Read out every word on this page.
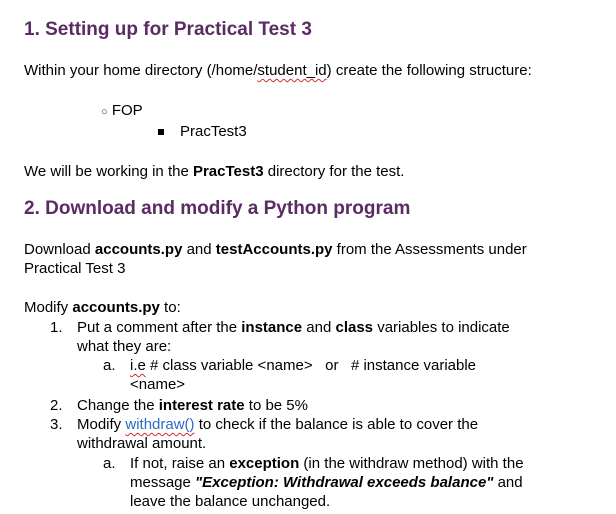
1. Setting up for Practical Test 3
Within your home directory (/home/student_id) create the following structure:
○ FOP
PracTest3
We will be working in the PracTest3 directory for the test.
2. Download and modify a Python program
Download accounts.py and testAccounts.py from the Assessments under
Practical Test 3
Modify accounts.py to:
1. Put a comment after the instance and class variables to indicate
what they are:
a. i.e # class variable <name>   or   # instance variable
<name>
2. Change the interest rate to be 5%
3. Modify withdraw() to check if the balance is able to cover the
withdrawal amount.
a. If not, raise an exception (in the withdraw method) with the
message "Exception: Withdrawal exceeds balance" and
leave the balance unchanged.
